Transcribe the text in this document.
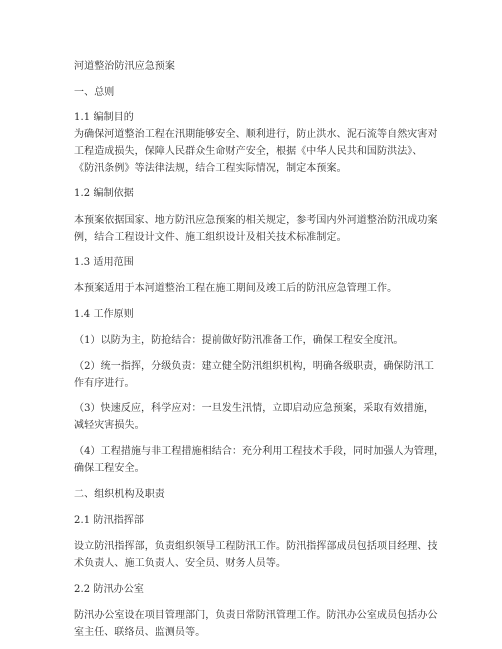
河道整治防汛应急预案

一、总则

1.1 编制目的

为确保河道整治工程在汛期能够安全、顺利进行，防止洪水、泥石流等自然灾害对
工程造成损失，保障人民群众生命财产安全，根据《中华人民共和国防洪法》、
《防汛条例》等法律法规，结合工程实际情况，制定本预案。

1.2 编制依据

本预案依据国家、地方防汛应急预案的相关规定，参考国内外河道整治防汛成功案
例，结合工程设计文件、施工组织设计及相关技术标准制定。

1.3 适用范围

本预案适用于本河道整治工程在施工期间及竣工后的防汛应急管理工作。

1.4 工作原则

（1）以防为主，防抢结合：提前做好防汛准备工作，确保工程安全度汛。

（2）统一指挥，分级负责：建立健全防汛组织机构，明确各级职责，确保防汛工
作有序进行。

（3）快速反应，科学应对：一旦发生汛情，立即启动应急预案，采取有效措施，
减轻灾害损失。

（4）工程措施与非工程措施相结合：充分利用工程技术手段，同时加强人为管理，
确保工程安全。

二、组织机构及职责

2.1 防汛指挥部

设立防汛指挥部，负责组织领导工程防汛工作。防汛指挥部成员包括项目经理、技
术负责人、施工负责人、安全员、财务人员等。

2.2 防汛办公室

防汛办公室设在项目管理部门，负责日常防汛管理工作。防汛办公室成员包括办公
室主任、联络员、监测员等。
